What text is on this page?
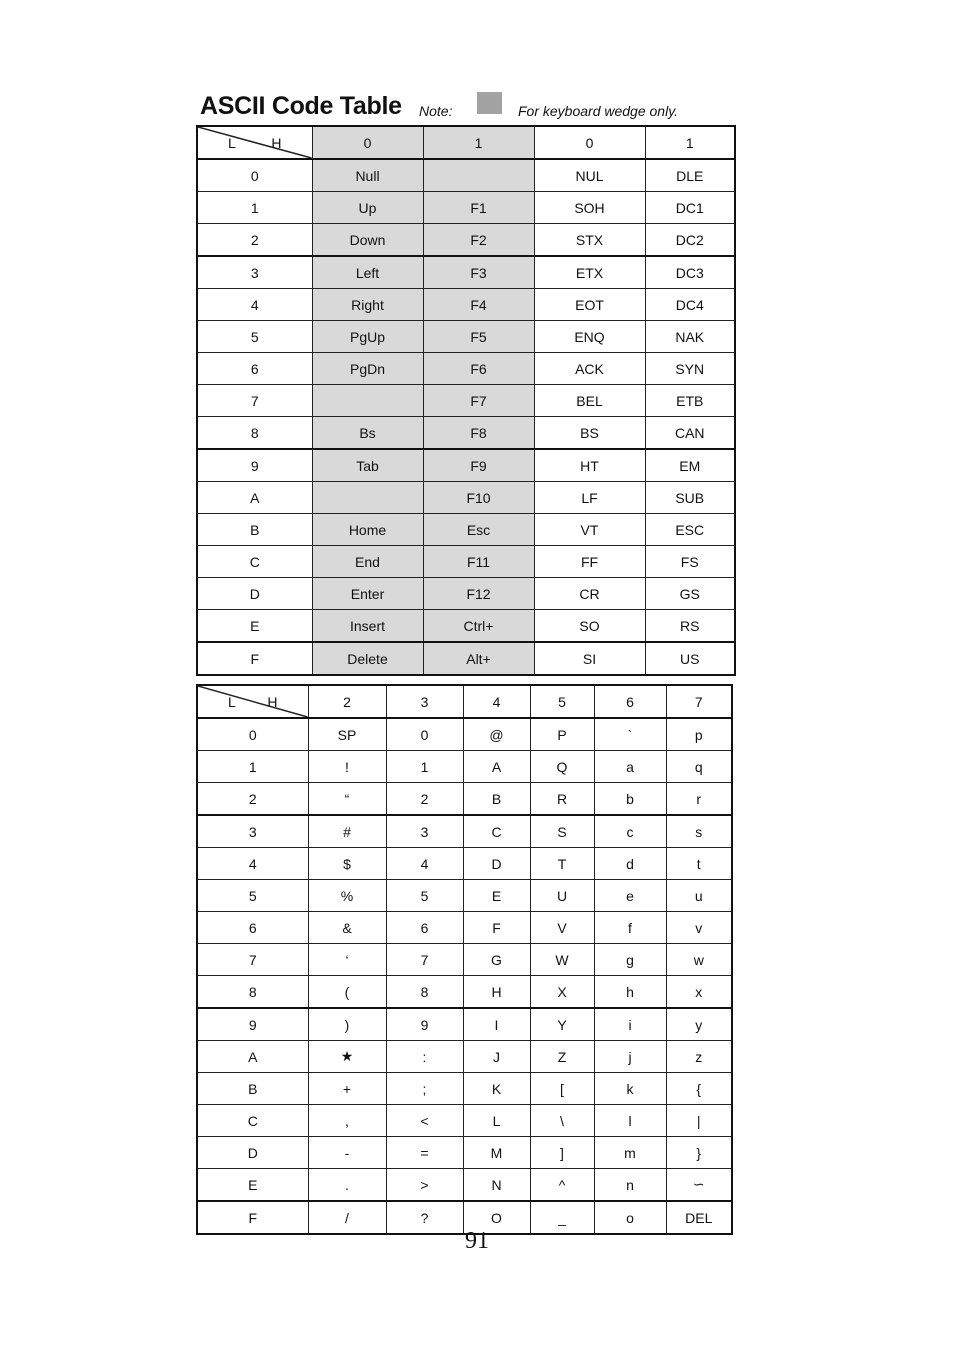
ASCII Code Table Note:	For keyboard wedge only.
L H	0	1	0	1
0	Null		NUL	DLE
1	Up	F1	SOH	DC1
2	Down	F2	STX	DC2
3	Left	F3	ETX	DC3
4	Right	F4	EOT	DC4
5	PgUp	F5	ENQ	NAK
6	PgDn	F6	ACK	SYN
7		F7	BEL	ETB
8	Bs	F8	BS	CAN
9	Tab	F9	HT	EM
A		F10	LF	SUB
B	Home	Esc	VT	ESC
C	End	F11	FF	FS
D	Enter	F12	CR	GS
E	Insert	Ctrl+	SO	RS
F	Delete	Alt+	SI	US
L H	2	3	4	5	6	7
0	SP	0	@	P	`	p
1	!	1	A	Q	a	q
2	“	2	B	R	b	r
3	#	3	C	S	c	s
4	$	4	D	T	d	t
5	%	5	E	U	e	u
6	&	6	F	V	f	v
7	‘	7	G	W	g	w
8	(	8	H	X	h	x
9	)	9	I	Y	i	y
A	★	:	J	Z	j	z
B	+	;	K	[	k	{
C	,	<	L	\	l	|
D	-	=	M	]	m	}
E	.	>	N	^	n	∽
F	/	?	O	_	o	DEL
91
